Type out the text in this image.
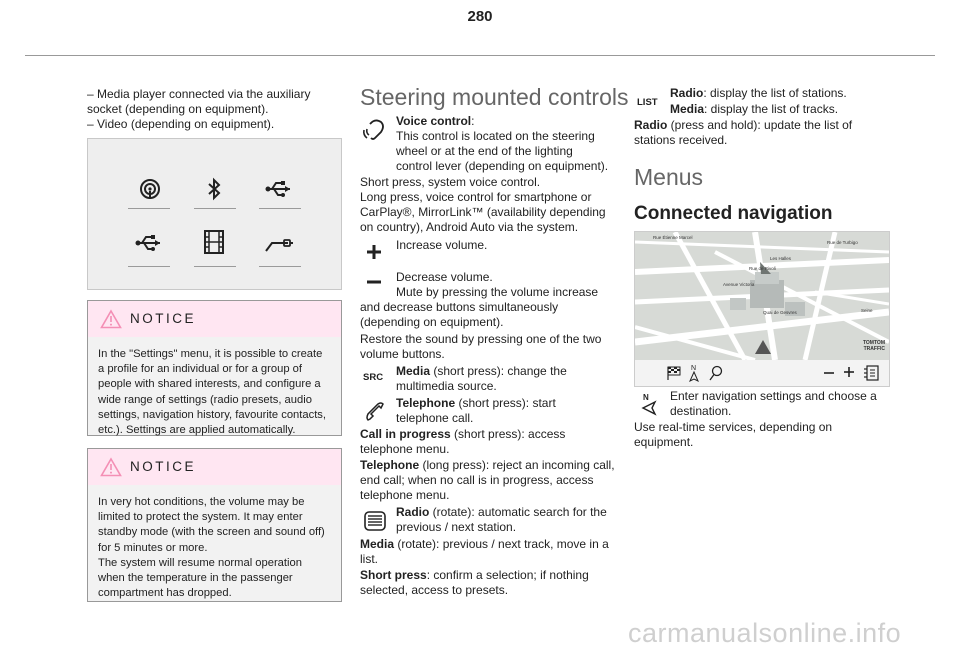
280
– Media player connected via the auxiliary socket (depending on equipment).
– Video (depending on equipment).
NOTICE
In the "Settings" menu, it is possible to create a profile for an individual or for a group of people with shared interests, and configure a wide range of settings (radio presets, audio settings, navigation history, favourite contacts, etc.). Settings are applied automatically.
NOTICE
In very hot conditions, the volume may be limited to protect the system. It may enter standby mode (with the screen and sound off) for 5 minutes or more.
The system will resume normal operation when the temperature in the passenger compartment has dropped.
Steering mounted controls
Voice control:
This control is located on the steering wheel or at the end of the lighting control lever (depending on equipment).
Short press, system voice control.
Long press, voice control for smartphone or CarPlay®, MirrorLink™ (availability depending on country), Android Auto via the system.
Increase volume.
Decrease volume.
Mute by pressing the volume increase and decrease buttons simultaneously (depending on equipment).
Restore the sound by pressing one of the two volume buttons.
SRC Media (short press): change the multimedia source.
Telephone (short press): start telephone call.
Call in progress (short press): access telephone menu.
Telephone (long press): reject an incoming call, end call; when no call is in progress, access telephone menu.
Radio (rotate): automatic search for the previous / next station.
Media (rotate): previous / next track, move in a list.
Short press: confirm a selection; if nothing selected, access to presets.
LIST
Radio: display the list of stations.
Media: display the list of tracks.
Radio (press and hold): update the list of stations received.
Menus
Connected navigation
Rue Étienne Marcel
Rue de Turbigo
Rue de Rivoli
Les Halles
Avenue Victoria
Quai de Gesvres	Seine
TOMTOM TRAFFIC
N
N Enter navigation settings and choose a destination.
Use real-time services, depending on equipment.
carmanualsonline.info
